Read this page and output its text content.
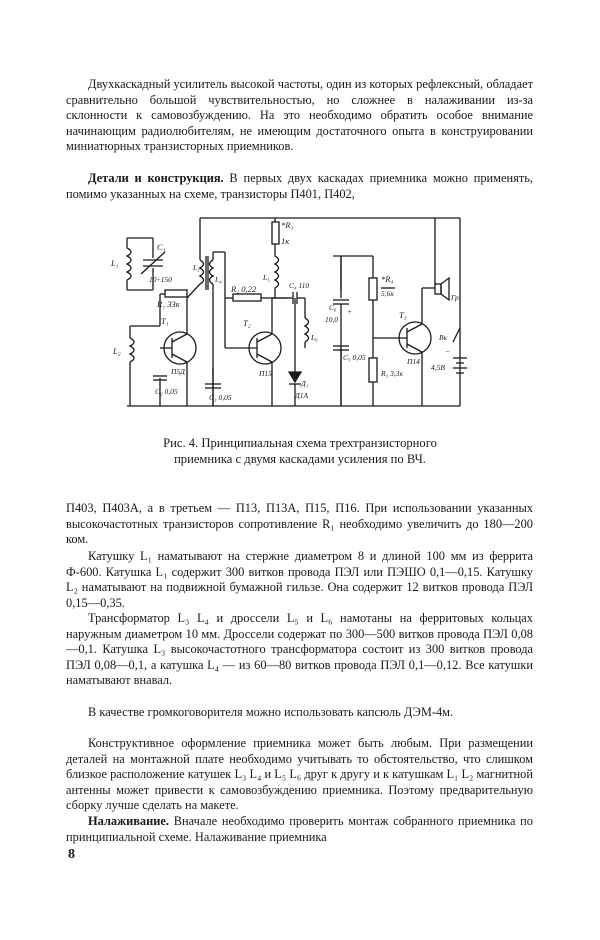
Двухкаскадный усилитель высокой частоты, один из которых рефлексный, обладает сравнительно большой чувствительностью, но сложнее в налаживании из-за склонности к самовозбуждению. На это необходимо обратить особое внимание начинающим радиолюбителям, не имеющим достаточного опыта в конструировании миниатюрных транзисторных приемников.

Детали и конструкция. В первых двух каскадах приемника можно применять, помимо указанных на схеме, транзисторы П401, П402,

L₁
C₁
10÷150
R₁ 33к
T₁
П5Д
L₂
C₂ 0,05
L₃
L₄
C₃ 0,05
R₂ 0,22
T₂
П15
*R₃
1к
L₅
C₄ 110
L₆
Д₁
Д1А
C₆
10,0
+
C₅ 0,05
*R₄
5,6к
T₃
П14
R₅ 3,3к
Гр
Вк
4,5В
−
Рис. 4. Принципиальная схема трехтранзисторного
приемника с двумя каскадами усиления по ВЧ.

П403, П403А, а в третьем — П13, П13А, П15, П16. При использовании указанных высокочастотных транзисторов сопротивление R₁ необходимо увеличить до 180—200 ком.

Катушку L₁ наматывают на стержне диаметром 8 и длиной 100 мм из феррита Ф-600. Катушка L₁ содержит 300 витков провода ПЭЛ или ПЭШО 0,1—0,15. Катушку L₂ наматывают на подвижной бумажной гильзе. Она содержит 12 витков провода ПЭЛ 0,15—0,35.

Трансформатор L₃ L₄ и дроссели L₅ и L₆ намотаны на ферритовых кольцах наружным диаметром 10 мм. Дроссели содержат по 300—500 витков провода ПЭЛ 0,08—0,1. Катушка L₃ высокочастотного трансформатора состоит из 300 витков провода ПЭЛ 0,08—0,1, а катушка L₄ — из 60—80 витков провода ПЭЛ 0,1—0,12. Все катушки наматывают внавал.

В качестве громкоговорителя можно использовать капсюль ДЭМ-4м.

Конструктивное оформление приемника может быть любым. При размещении деталей на монтажной плате необходимо учитывать то обстоятельство, что слишком близкое расположение катушек L₃ L₄ и L₅ L₆ друг к другу и к катушкам L₁ L₂ магнитной антенны может привести к самовозбуждению приемника. Поэтому предварительную сборку лучше сделать на макете.

Налаживание. Вначале необходимо проверить монтаж собранного приемника по принципиальной схеме. Налаживание приемника

8
